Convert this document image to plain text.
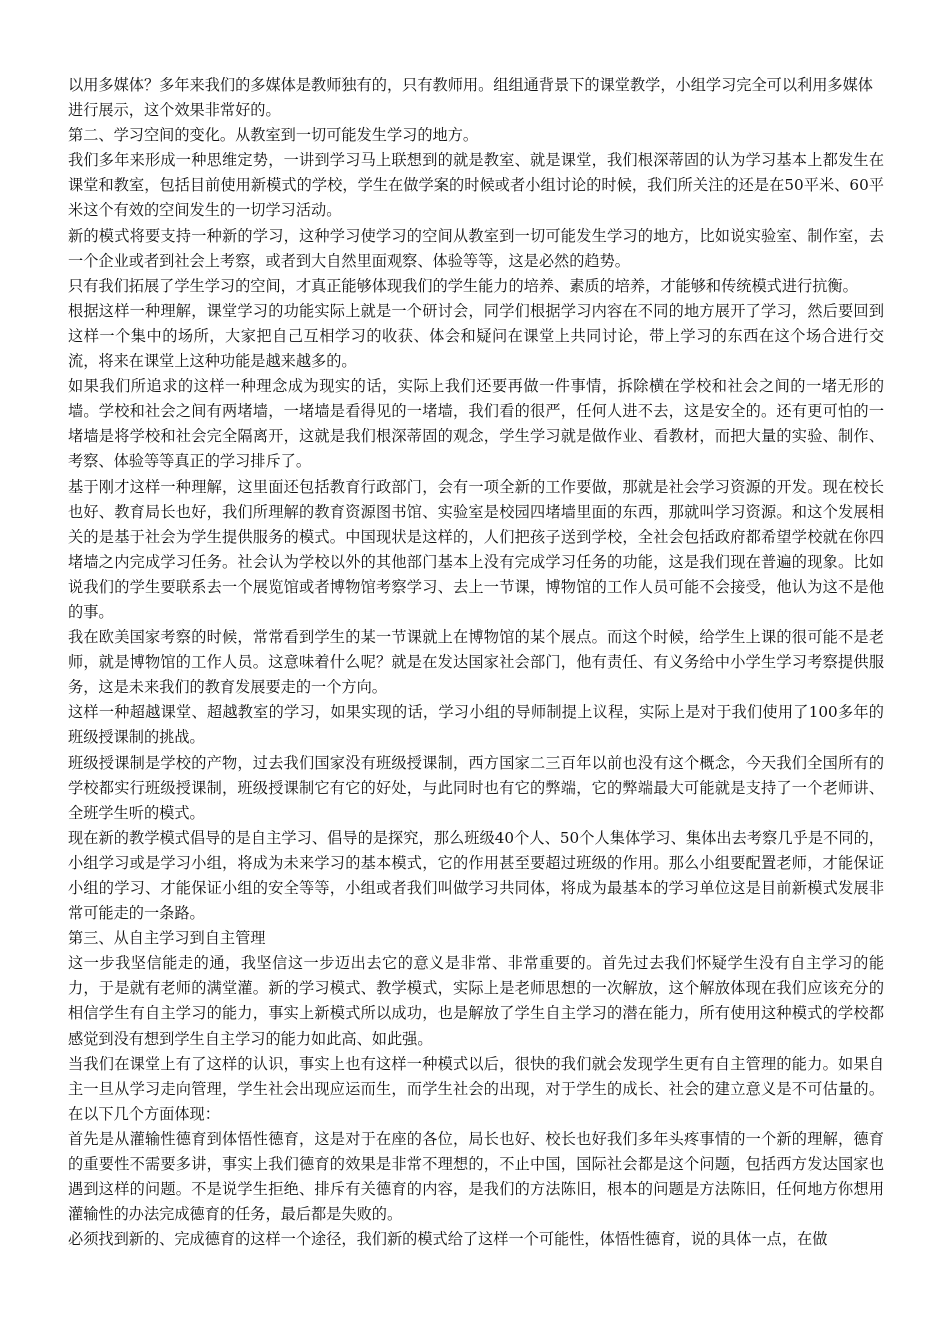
以用多媒体？多年来我们的多媒体是教师独有的，只有教师用。组组通背景下的课堂教学，小组学习完全可以利用多媒体进行展示，这个效果非常好的。
第二、学习空间的变化。从教室到一切可能发生学习的地方。
我们多年来形成一种思维定势，一讲到学习马上联想到的就是教室、就是课堂，我们根深蒂固的认为学习基本上都发生在课堂和教室，包括目前使用新模式的学校，学生在做学案的时候或者小组讨论的时候，我们所关注的还是在50平米、60平米这个有效的空间发生的一切学习活动。
新的模式将要支持一种新的学习，这种学习使学习的空间从教室到一切可能发生学习的地方，比如说实验室、制作室，去一个企业或者到社会上考察，或者到大自然里面观察、体验等等，这是必然的趋势。
只有我们拓展了学生学习的空间，才真正能够体现我们的学生能力的培养、素质的培养，才能够和传统模式进行抗衡。
根据这样一种理解，课堂学习的功能实际上就是一个研讨会，同学们根据学习内容在不同的地方展开了学习，然后要回到这样一个集中的场所，大家把自己互相学习的收获、体会和疑问在课堂上共同讨论，带上学习的东西在这个场合进行交流，将来在课堂上这种功能是越来越多的。
如果我们所追求的这样一种理念成为现实的话，实际上我们还要再做一件事情，拆除横在学校和社会之间的一堵无形的墙。学校和社会之间有两堵墙，一堵墙是看得见的一堵墙，我们看的很严，任何人进不去，这是安全的。还有更可怕的一堵墙是将学校和社会完全隔离开，这就是我们根深蒂固的观念，学生学习就是做作业、看教材，而把大量的实验、制作、考察、体验等等真正的学习排斥了。
基于刚才这样一种理解，这里面还包括教育行政部门，会有一项全新的工作要做，那就是社会学习资源的开发。现在校长也好、教育局长也好，我们所理解的教育资源图书馆、实验室是校园四堵墙里面的东西，那就叫学习资源。和这个发展相关的是基于社会为学生提供服务的模式。中国现状是这样的，人们把孩子送到学校，全社会包括政府都希望学校就在你四堵墙之内完成学习任务。社会认为学校以外的其他部门基本上没有完成学习任务的功能，这是我们现在普遍的现象。比如说我们的学生要联系去一个展览馆或者博物馆考察学习、去上一节课，博物馆的工作人员可能不会接受，他认为这不是他的事。
我在欧美国家考察的时候，常常看到学生的某一节课就上在博物馆的某个展点。而这个时候，给学生上课的很可能不是老师，就是博物馆的工作人员。这意味着什么呢？就是在发达国家社会部门，他有责任、有义务给中小学生学习考察提供服务，这是未来我们的教育发展要走的一个方向。
这样一种超越课堂、超越教室的学习，如果实现的话，学习小组的导师制提上议程，实际上是对于我们使用了100多年的班级授课制的挑战。
班级授课制是学校的产物，过去我们国家没有班级授课制，西方国家二三百年以前也没有这个概念，今天我们全国所有的学校都实行班级授课制，班级授课制它有它的好处，与此同时也有它的弊端，它的弊端最大可能就是支持了一个老师讲、全班学生听的模式。
现在新的教学模式倡导的是自主学习、倡导的是探究，那么班级40个人、50个人集体学习、集体出去考察几乎是不同的，小组学习或是学习小组，将成为未来学习的基本模式，它的作用甚至要超过班级的作用。那么小组要配置老师，才能保证小组的学习、才能保证小组的安全等等，小组或者我们叫做学习共同体，将成为最基本的学习单位这是目前新模式发展非常可能走的一条路。
第三、从自主学习到自主管理
这一步我坚信能走的通，我坚信这一步迈出去它的意义是非常、非常重要的。首先过去我们怀疑学生没有自主学习的能力，于是就有老师的满堂灌。新的学习模式、教学模式，实际上是老师思想的一次解放，这个解放体现在我们应该充分的相信学生有自主学习的能力，事实上新模式所以成功，也是解放了学生自主学习的潜在能力，所有使用这种模式的学校都感觉到没有想到学生自主学习的能力如此高、如此强。
当我们在课堂上有了这样的认识，事实上也有这样一种模式以后，很快的我们就会发现学生更有自主管理的能力。如果自主一旦从学习走向管理，学生社会出现应运而生，而学生社会的出现，对于学生的成长、社会的建立意义是不可估量的。在以下几个方面体现：
首先是从灌输性德育到体悟性德育，这是对于在座的各位，局长也好、校长也好我们多年头疼事情的一个新的理解，德育的重要性不需要多讲，事实上我们德育的效果是非常不理想的，不止中国，国际社会都是这个问题，包括西方发达国家也遇到这样的问题。不是说学生拒绝、排斥有关德育的内容，是我们的方法陈旧，根本的问题是方法陈旧，任何地方你想用灌输性的办法完成德育的任务，最后都是失败的。
必须找到新的、完成德育的这样一个途径，我们新的模式给了这样一个可能性，体悟性德育，说的具体一点，在做
